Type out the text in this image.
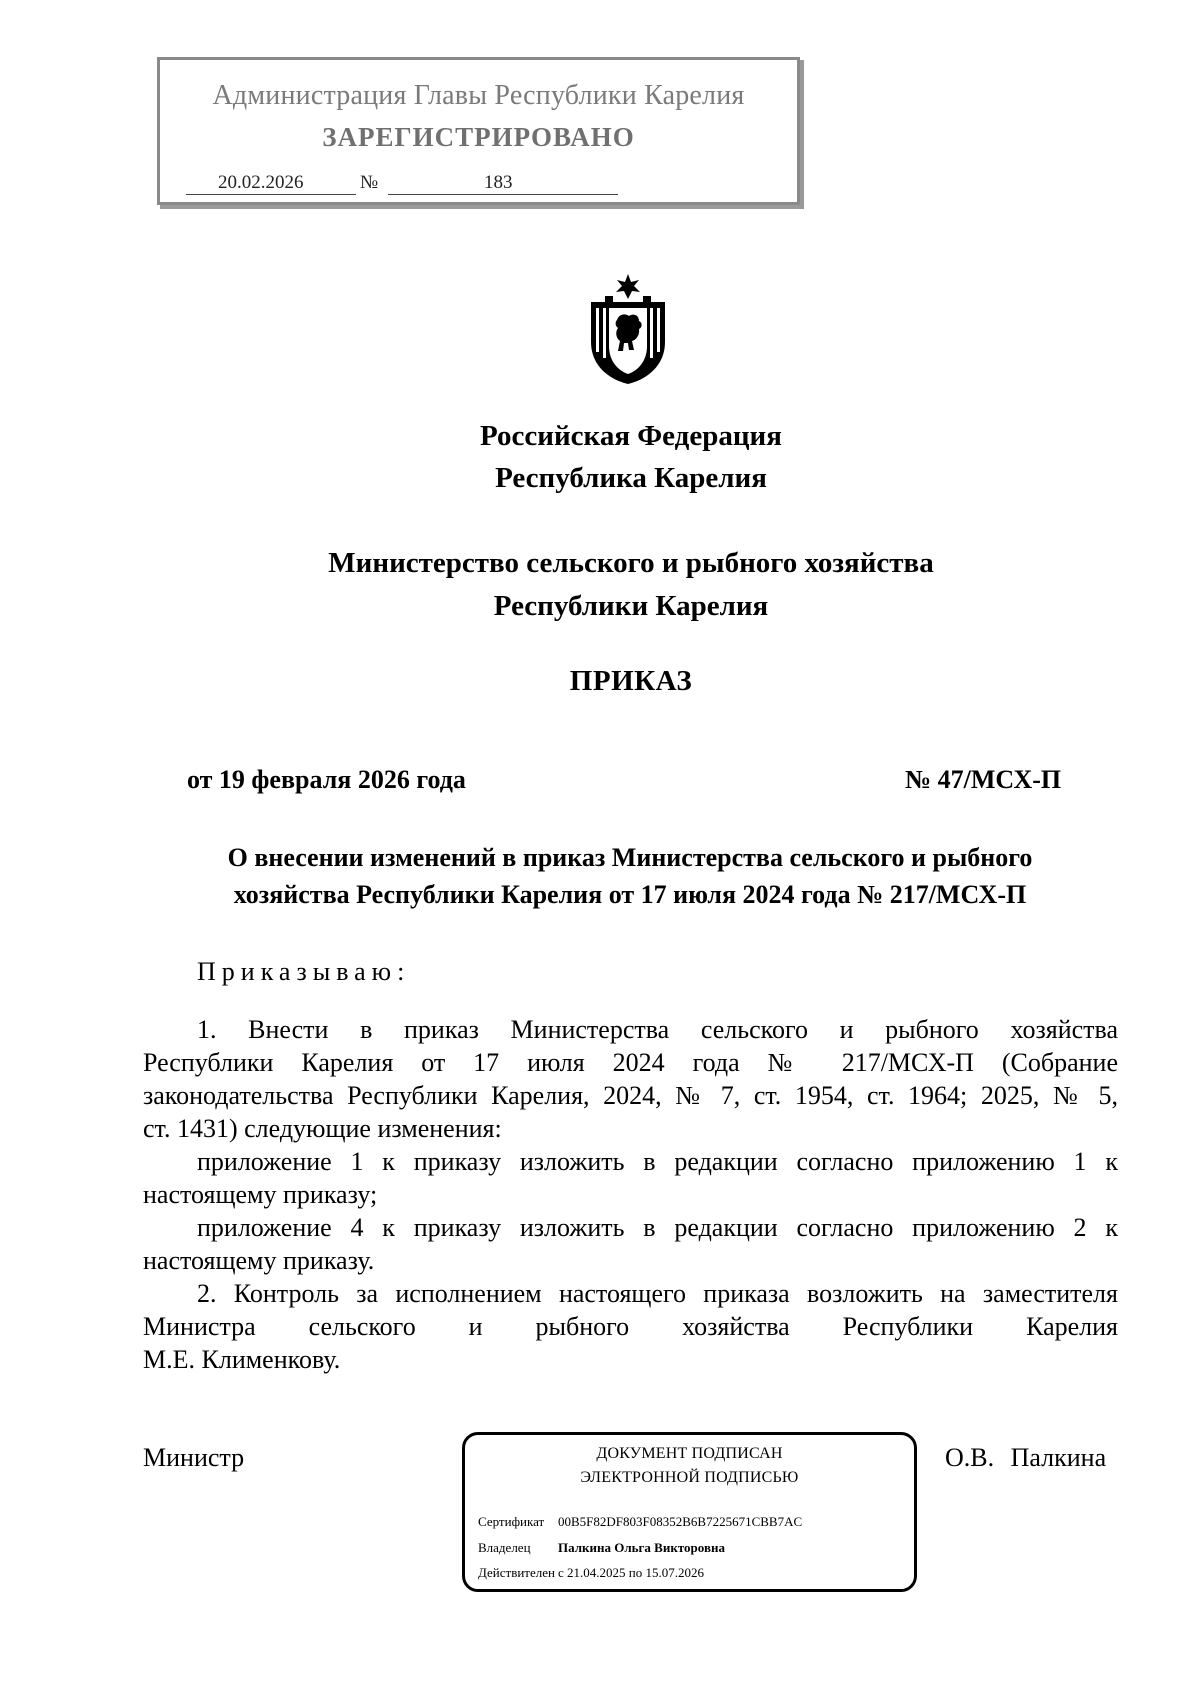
Администрация Главы Республики Карелия
ЗАРЕГИСТРИРОВАНО
20.02.2026	№	183
Российская Федерация
Республика Карелия
Министерство сельского и рыбного хозяйства
Республики Карелия
ПРИКАЗ
от 19 февраля 2026 года	№ 47/МСХ-П
О внесении изменений в приказ Министерства сельского и рыбного
хозяйства Республики Карелия от 17 июля 2024 года № 217/МСХ-П
Приказываю:
1. Внести в приказ Министерства сельского и рыбного хозяйства
Республики Карелия от 17 июля 2024 года № 217/МСХ-П (Собрание
законодательства Республики Карелия, 2024, № 7, ст. 1954, ст. 1964; 2025, № 5,
ст. 1431) следующие изменения:
приложение 1 к приказу изложить в редакции согласно приложению 1 к
настоящему приказу;
приложение 4 к приказу изложить в редакции согласно приложению 2 к
настоящему приказу.
2. Контроль за исполнением настоящего приказа возложить на заместителя
Министра сельского и рыбного хозяйства Республики Карелия
М.Е. Клименкову.
Министр	О.В. Палкина
ДОКУМЕНТ ПОДПИСАН
ЭЛЕКТРОННОЙ ПОДПИСЬЮ
Сертификат 00B5F82DF803F08352B6B7225671CBB7AC
Владелец Палкина Ольга Викторовна
Действителен с 21.04.2025 по 15.07.2026
